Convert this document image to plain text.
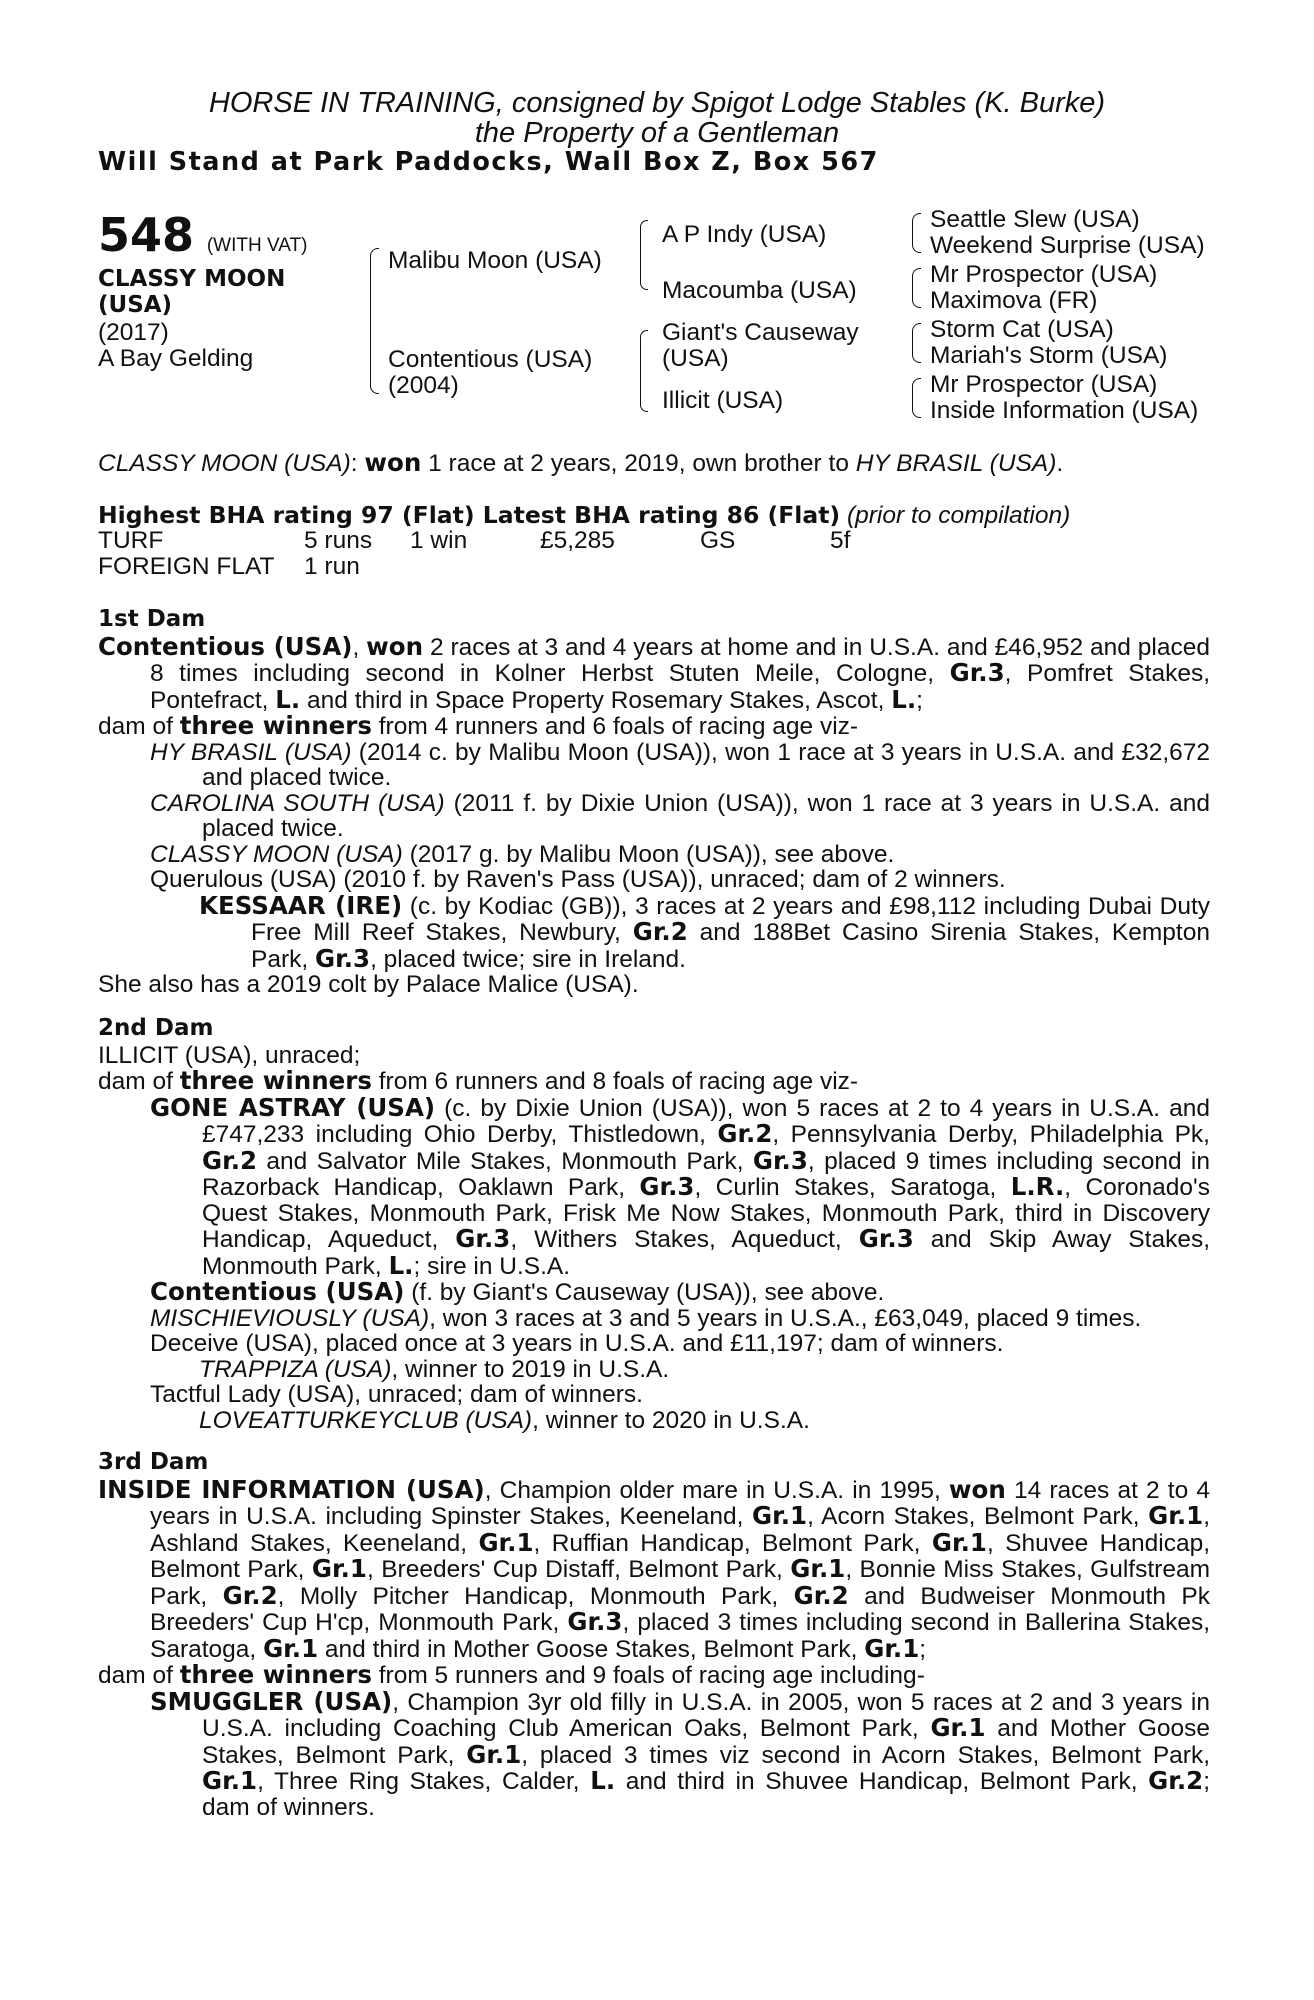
HORSE IN TRAINING, consigned by Spigot Lodge Stables (K. Burke)
the Property of a Gentleman
Will Stand at Park Paddocks, Wall Box Z, Box 567
548 (WITH VAT)
CLASSY MOON
(USA)
(2017)
A Bay Gelding
Malibu Moon (USA)
Contentious (USA)
(2004)
A P Indy (USA)
Macoumba (USA)
Giant's Causeway
(USA)
Illicit (USA)
Seattle Slew (USA)
Weekend Surprise (USA)
Mr Prospector (USA)
Maximova (FR)
Storm Cat (USA)
Mariah's Storm (USA)
Mr Prospector (USA)
Inside Information (USA)
CLASSY MOON (USA): won 1 race at 2 years, 2019, own brother to HY BRASIL (USA).
Highest BHA rating 97 (Flat) Latest BHA rating 86 (Flat) (prior to compilation)
TURF	5 runs	1 win	£5,285	GS	5f
FOREIGN FLAT	1 run				
1st Dam

Contentious (USA), won 2 races at 3 and 4 years at home and in U.S.A. and £46,952 and placed 8 times including second in Kolner Herbst Stuten Meile, Cologne, Gr.3, Pomfret Stakes, Pontefract, L. and third in Space Property Rosemary Stakes, Ascot, L.;

dam of three winners from 4 runners and 6 foals of racing age viz-

HY BRASIL (USA) (2014 c. by Malibu Moon (USA)), won 1 race at 3 years in U.S.A. and £32,672 and placed twice.

CAROLINA SOUTH (USA) (2011 f. by Dixie Union (USA)), won 1 race at 3 years in U.S.A. and placed twice.

CLASSY MOON (USA) (2017 g. by Malibu Moon (USA)), see above.

Querulous (USA) (2010 f. by Raven's Pass (USA)), unraced; dam of 2 winners.

KESSAAR (IRE) (c. by Kodiac (GB)), 3 races at 2 years and £98,112 including Dubai Duty Free Mill Reef Stakes, Newbury, Gr.2 and 188Bet Casino Sirenia Stakes, Kempton Park, Gr.3, placed twice; sire in Ireland.

She also has a 2019 colt by Palace Malice (USA).

2nd Dam

ILLICIT (USA), unraced;

dam of three winners from 6 runners and 8 foals of racing age viz-

GONE ASTRAY (USA) (c. by Dixie Union (USA)), won 5 races at 2 to 4 years in U.S.A. and £747,233 including Ohio Derby, Thistledown, Gr.2, Pennsylvania Derby, Philadelphia Pk, Gr.2 and Salvator Mile Stakes, Monmouth Park, Gr.3, placed 9 times including second in Razorback Handicap, Oaklawn Park, Gr.3, Curlin Stakes, Saratoga, L.R., Coronado's Quest Stakes, Monmouth Park, Frisk Me Now Stakes, Monmouth Park, third in Discovery Handicap, Aqueduct, Gr.3, Withers Stakes, Aqueduct, Gr.3 and Skip Away Stakes, Monmouth Park, L.; sire in U.S.A.

Contentious (USA) (f. by Giant's Causeway (USA)), see above.

MISCHIEVIOUSLY (USA), won 3 races at 3 and 5 years in U.S.A., £63,049, placed 9 times.

Deceive (USA), placed once at 3 years in U.S.A. and £11,197; dam of winners.

TRAPPIZA (USA), winner to 2019 in U.S.A.

Tactful Lady (USA), unraced; dam of winners.

LOVEATTURKEYCLUB (USA), winner to 2020 in U.S.A.

3rd Dam

INSIDE INFORMATION (USA), Champion older mare in U.S.A. in 1995, won 14 races at 2 to 4 years in U.S.A. including Spinster Stakes, Keeneland, Gr.1, Acorn Stakes, Belmont Park, Gr.1, Ashland Stakes, Keeneland, Gr.1, Ruffian Handicap, Belmont Park, Gr.1, Shuvee Handicap, Belmont Park, Gr.1, Breeders' Cup Distaff, Belmont Park, Gr.1, Bonnie Miss Stakes, Gulfstream Park, Gr.2, Molly Pitcher Handicap, Monmouth Park, Gr.2 and Budweiser Monmouth Pk Breeders' Cup H'cp, Monmouth Park, Gr.3, placed 3 times including second in Ballerina Stakes, Saratoga, Gr.1 and third in Mother Goose Stakes, Belmont Park, Gr.1;

dam of three winners from 5 runners and 9 foals of racing age including-

SMUGGLER (USA), Champion 3yr old filly in U.S.A. in 2005, won 5 races at 2 and 3 years in U.S.A. including Coaching Club American Oaks, Belmont Park, Gr.1 and Mother Goose Stakes, Belmont Park, Gr.1, placed 3 times viz second in Acorn Stakes, Belmont Park, Gr.1, Three Ring Stakes, Calder, L. and third in Shuvee Handicap, Belmont Park, Gr.2; dam of winners.
